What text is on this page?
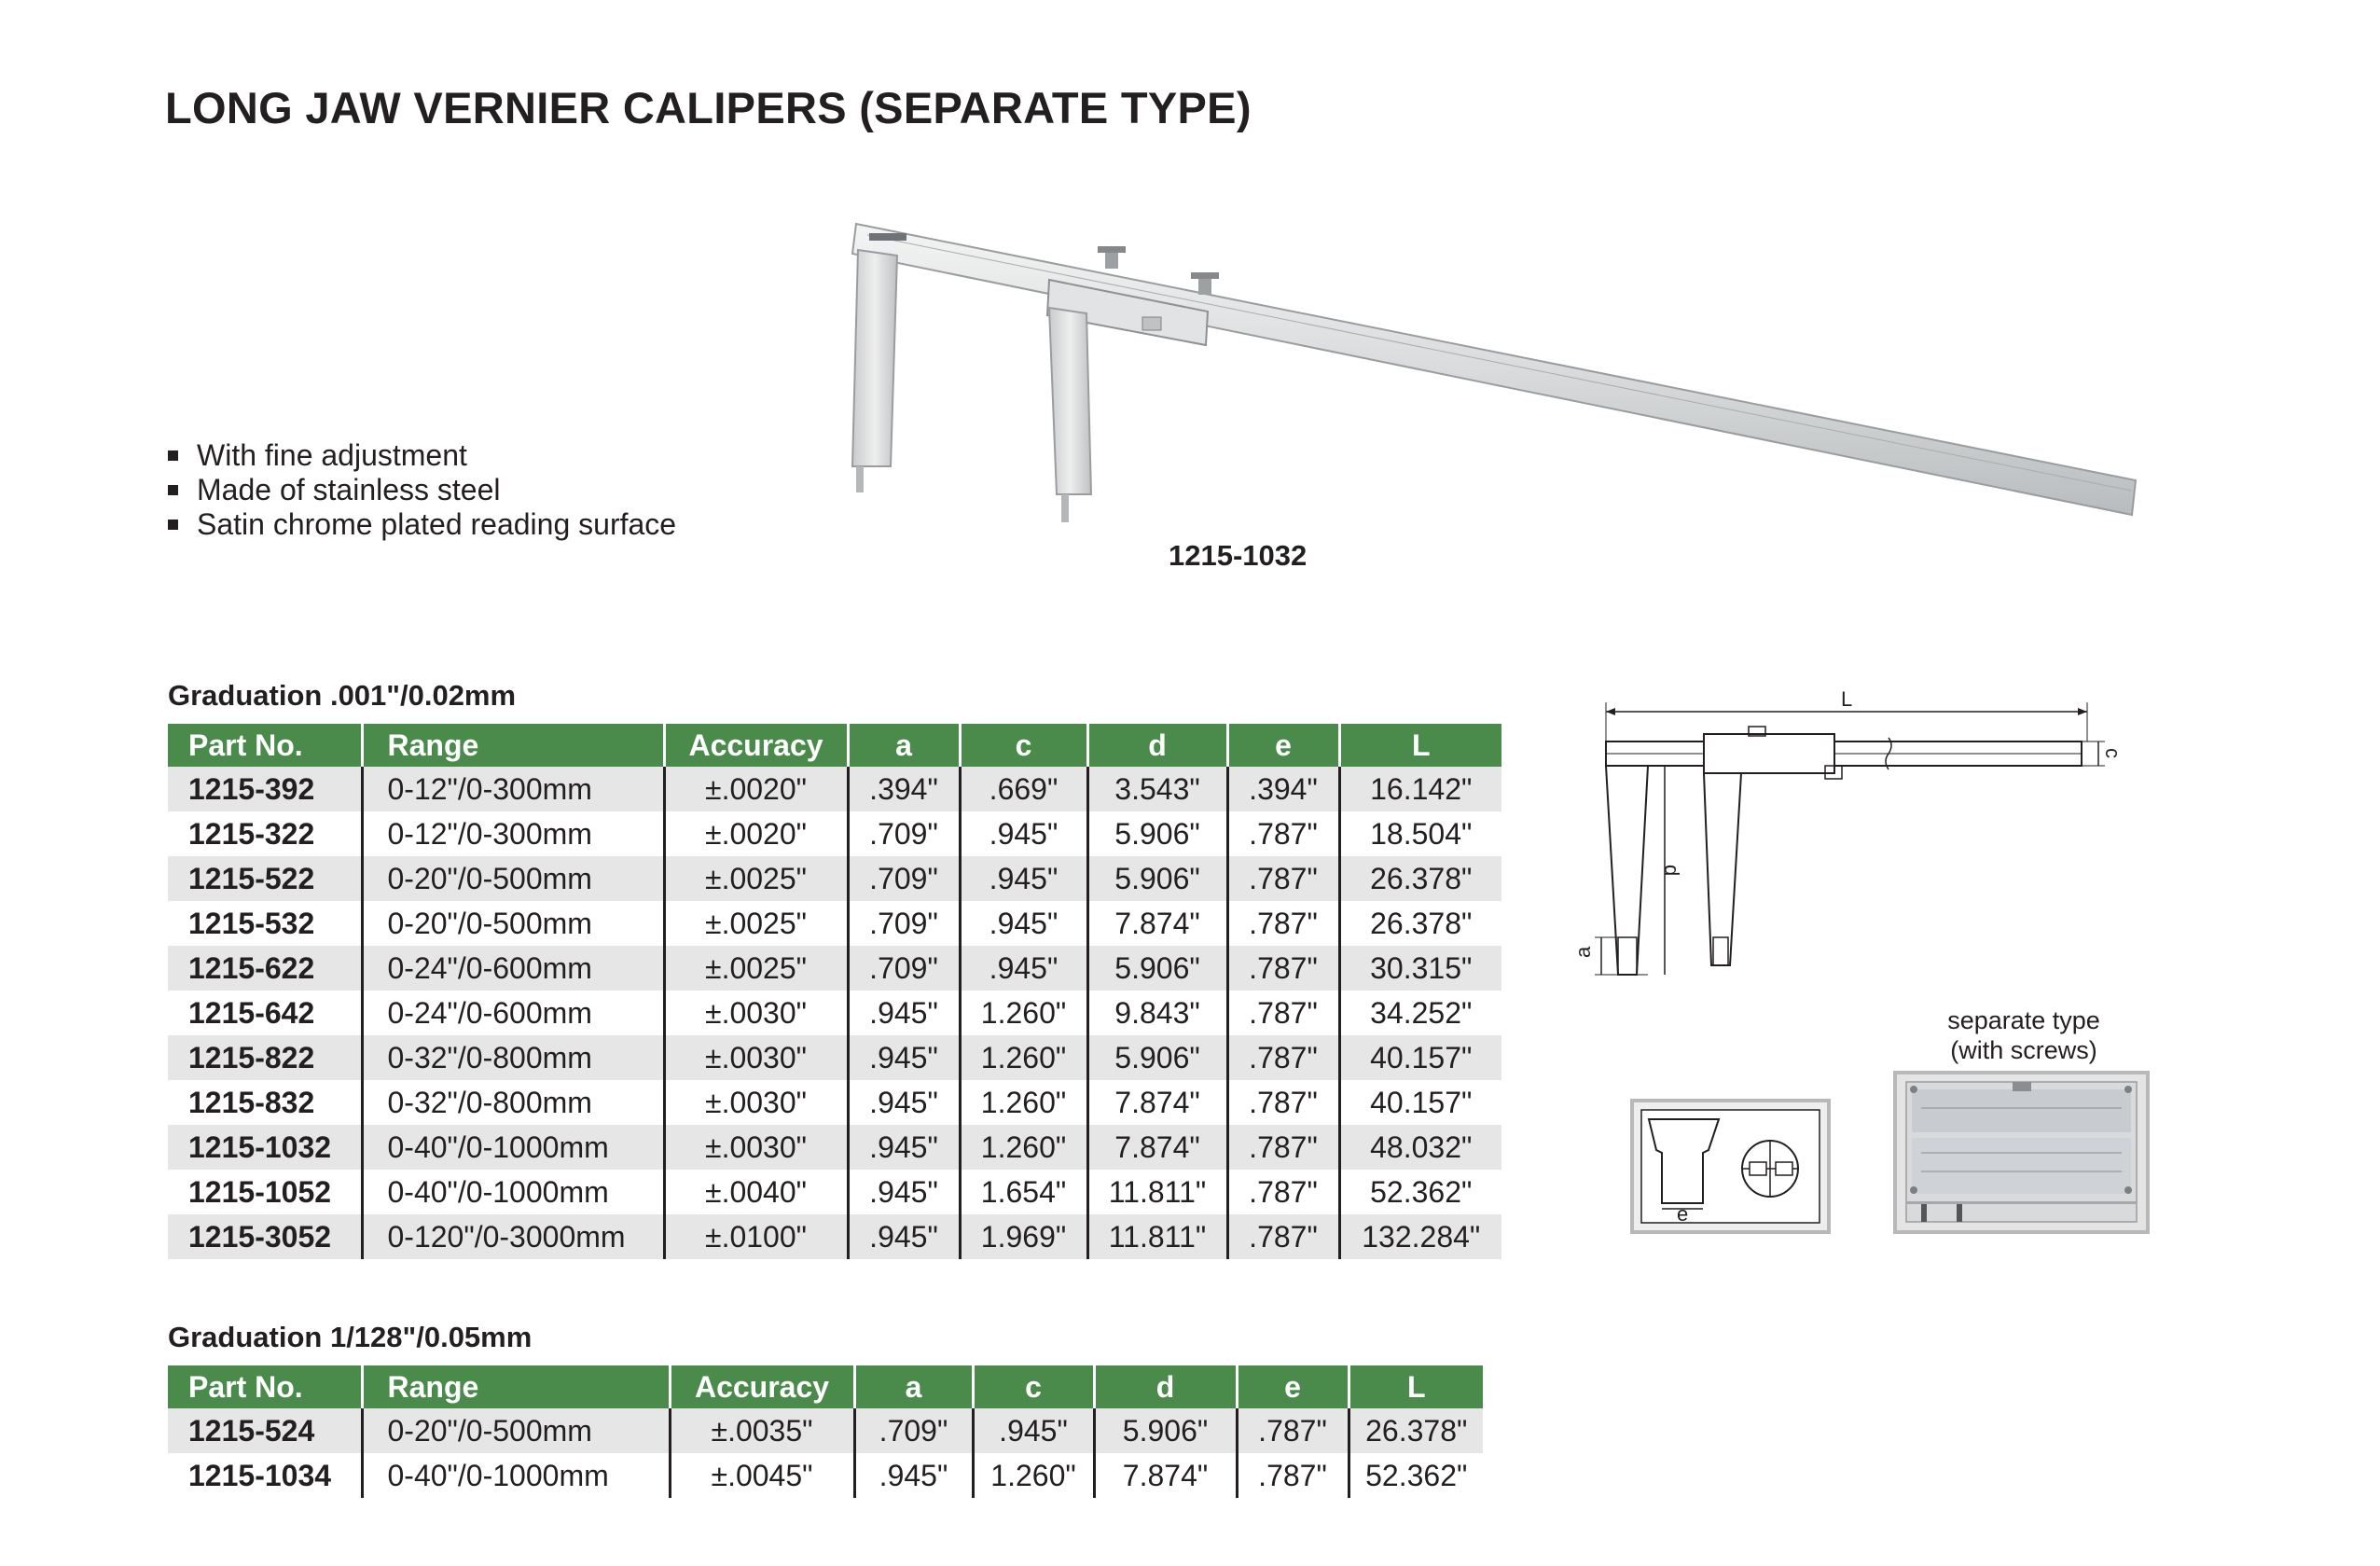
LONG JAW VERNIER CALIPERS (SEPARATE TYPE)
With fine adjustment
Made of stainless steel
Satin chrome plated reading surface
1215-1032
Graduation .001"/0.02mm
Part No.	Range	Accuracy	a	c	d	e	L
1215-392	0-12"/0-300mm	±.0020"	.394"	.669"	3.543"	.394"	16.142"
1215-322	0-12"/0-300mm	±.0020"	.709"	.945"	5.906"	.787"	18.504"
1215-522	0-20"/0-500mm	±.0025"	.709"	.945"	5.906"	.787"	26.378"
1215-532	0-20"/0-500mm	±.0025"	.709"	.945"	7.874"	.787"	26.378"
1215-622	0-24"/0-600mm	±.0025"	.709"	.945"	5.906"	.787"	30.315"
1215-642	0-24"/0-600mm	±.0030"	.945"	1.260"	9.843"	.787"	34.252"
1215-822	0-32"/0-800mm	±.0030"	.945"	1.260"	5.906"	.787"	40.157"
1215-832	0-32"/0-800mm	±.0030"	.945"	1.260"	7.874"	.787"	40.157"
1215-1032	0-40"/0-1000mm	±.0030"	.945"	1.260"	7.874"	.787"	48.032"
1215-1052	0-40"/0-1000mm	±.0040"	.945"	1.654"	11.811"	.787"	52.362"
1215-3052	0-120"/0-3000mm	±.0100"	.945"	1.969"	11.811"	.787"	132.284"
Graduation 1/128"/0.05mm
Part No.	Range	Accuracy	a	c	d	e	L
1215-524	0-20"/0-500mm	±.0035"	.709"	.945"	5.906"	.787"	26.378"
1215-1034	0-40"/0-1000mm	±.0045"	.945"	1.260"	7.874"	.787"	52.362"
L
c
d
a
e
separate type
(with screws)
